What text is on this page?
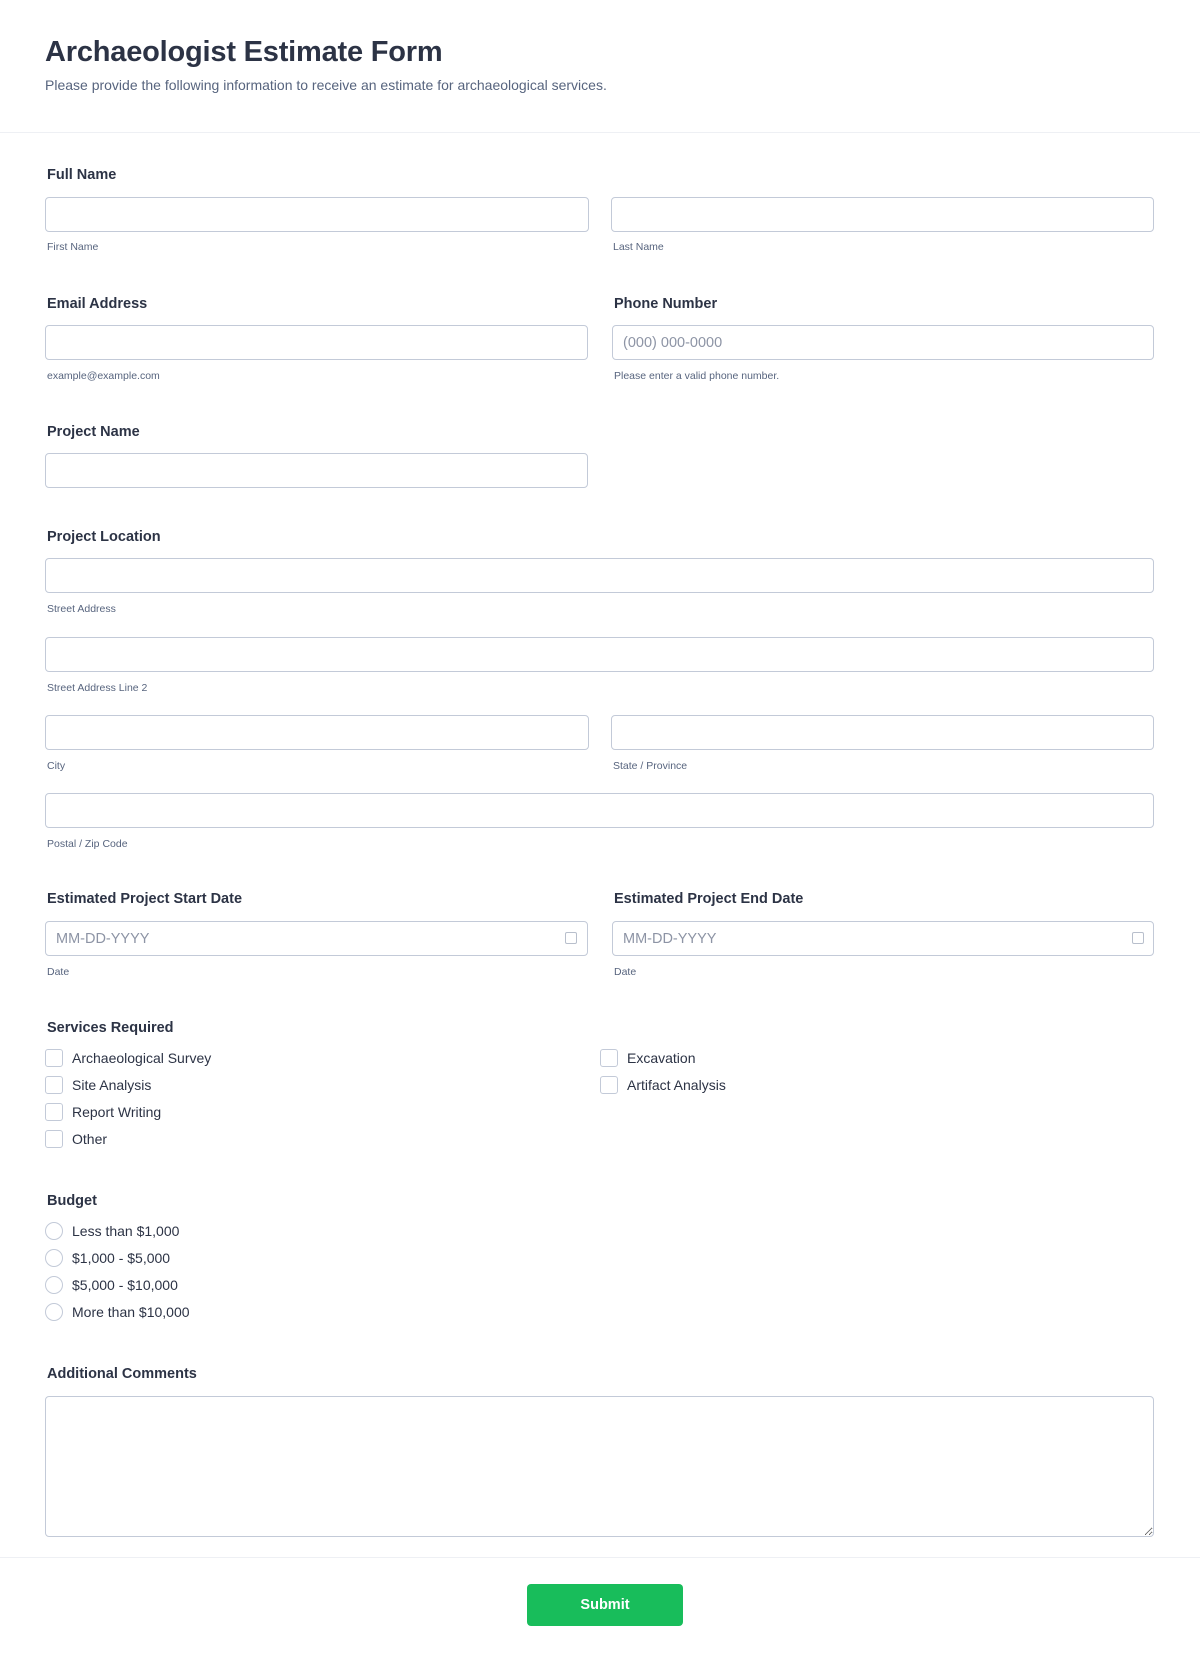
Archaeologist Estimate Form
Please provide the following information to receive an estimate for archaeological services.
Full Name
First Name	Last Name
Email Address
example@example.com
Phone Number
(000) 000-0000
Please enter a valid phone number.
Project Name
Project Location
Street Address
Street Address Line 2
City	State / Province
Postal / Zip Code
Estimated Project Start Date
MM-DD-YYYY
Date
Estimated Project End Date
MM-DD-YYYY
Date
Services Required
Archaeological Survey
Site Analysis
Report Writing
Other
Excavation
Artifact Analysis
Budget
Less than $1,000
$1,000 - $5,000
$5,000 - $10,000
More than $10,000
Additional Comments
Submit
